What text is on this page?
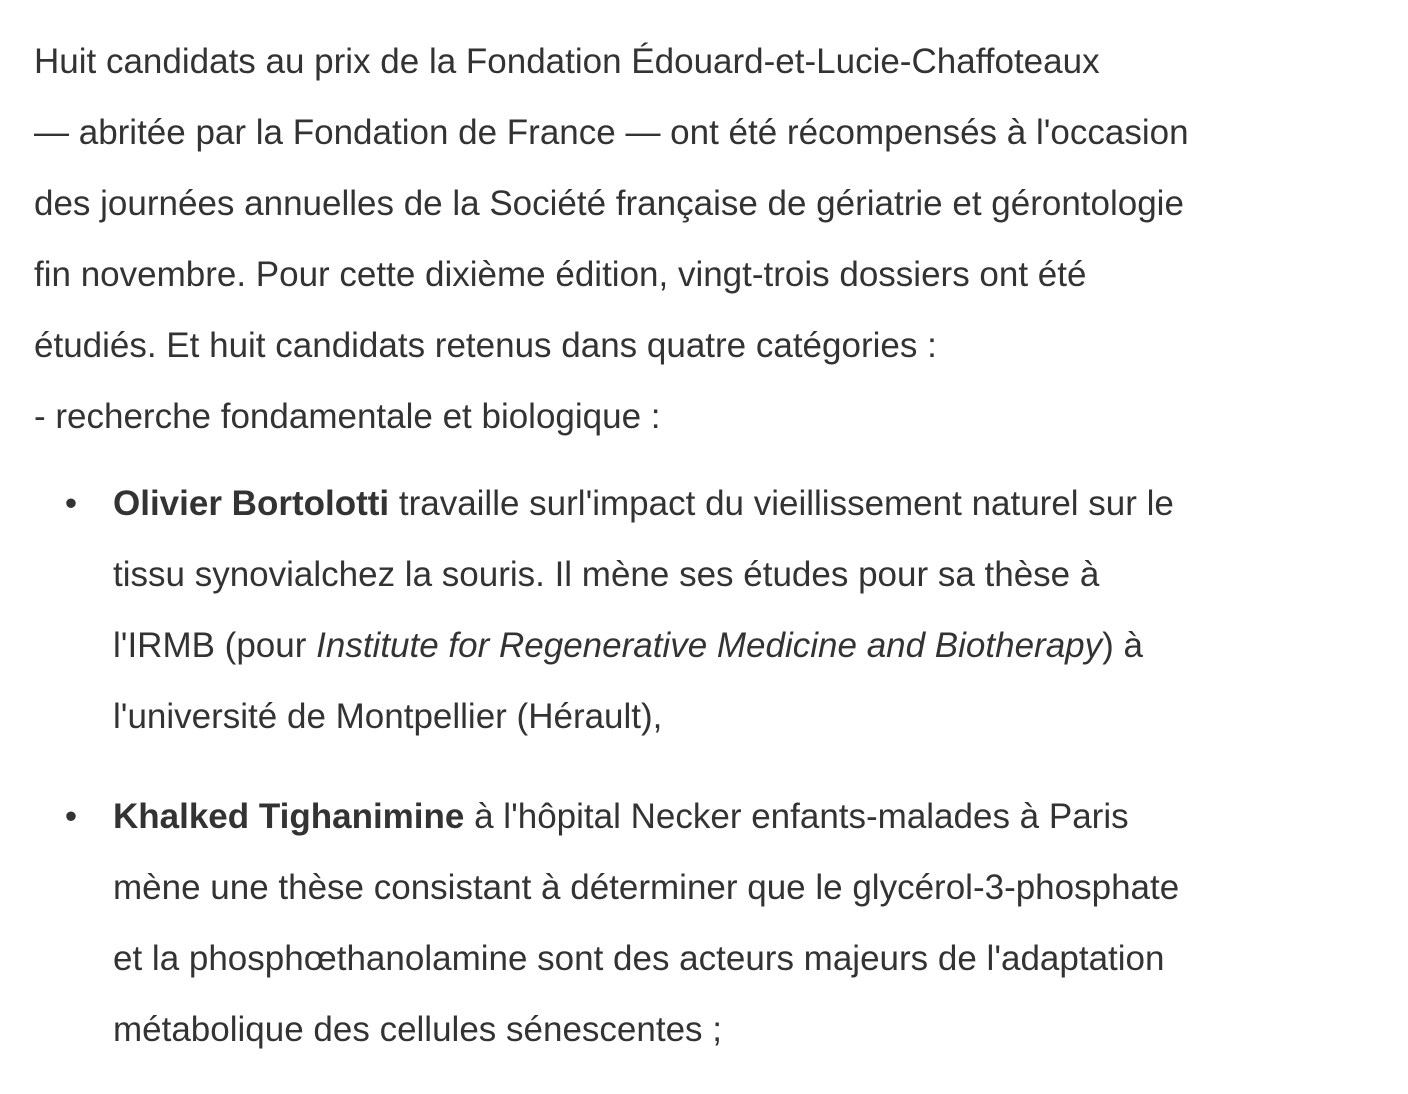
Huit candidats au prix de la Fondation Édouard-et-Lucie-Chaffoteaux
— abritée par la Fondation de France — ont été récompensés à l'occasion
des journées annuelles de la Société française de gériatrie et gérontologie
fin novembre. Pour cette dixième édition, vingt-trois dossiers ont été
étudiés. Et huit candidats retenus dans quatre catégories :
- recherche fondamentale et biologique :

• Olivier Bortolotti travaille surl'impact du vieillissement naturel sur le
tissu synovialchez la souris. Il mène ses études pour sa thèse à
l'IRMB (pour Institute for Regenerative Medicine and Biotherapy) à
l'université de Montpellier (Hérault),
• Khalked Tighanimine à l'hôpital Necker enfants-malades à Paris
mène une thèse consistant à déterminer que le glycérol-3-phosphate
et la phosphœthanolamine sont des acteurs majeurs de l'adaptation
métabolique des cellules sénescentes ;
